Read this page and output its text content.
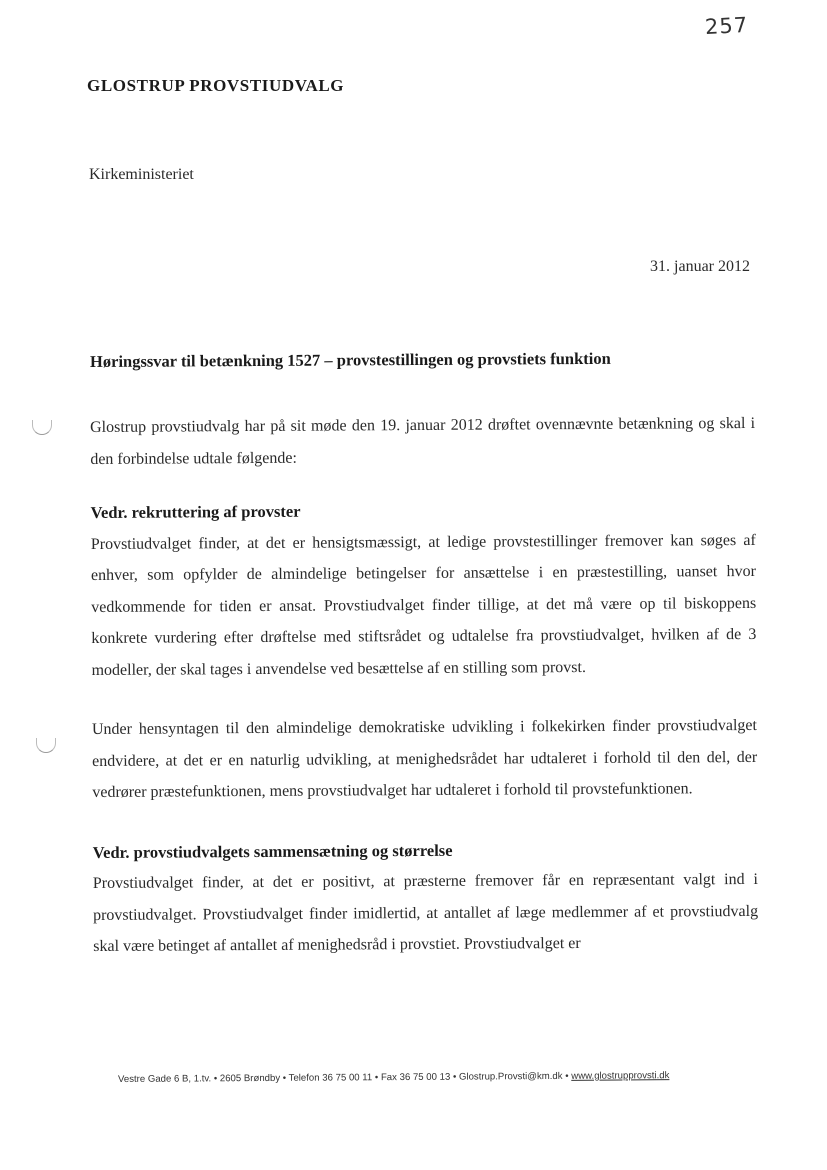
257
GLOSTRUP PROVSTIUDVALG
Kirkeministeriet
31. januar 2012
Høringssvar til betænkning 1527 – provstestillingen og provstiets funktion

Glostrup provstiudvalg har på sit møde den 19. januar 2012 drøftet ovennævnte betænkning og skal i den forbindelse udtale følgende:

Vedr. rekruttering af provster

Provstiudvalget finder, at det er hensigtsmæssigt, at ledige provstestillinger fremover kan søges af enhver, som opfylder de almindelige betingelser for ansættelse i en præstestilling, uanset hvor vedkommende for tiden er ansat. Provstiudvalget finder tillige, at det må være op til biskoppens konkrete vurdering efter drøftelse med stiftsrådet og udtalelse fra provstiudvalget, hvilken af de 3 modeller, der skal tages i anvendelse ved besættelse af en stilling som provst.

Under hensyntagen til den almindelige demokratiske udvikling i folkekirken finder provstiudvalget endvidere, at det er en naturlig udvikling, at menighedsrådet har udtaleret i forhold til den del, der vedrører præstefunktionen, mens provstiudvalget har udtaleret i forhold til provstefunktionen.

Vedr. provstiudvalgets sammensætning og størrelse

Provstiudvalget finder, at det er positivt, at præsterne fremover får en repræsentant valgt ind i provstiudvalget. Provstiudvalget finder imidlertid, at antallet af læge medlemmer af et provstiudvalg skal være betinget af antallet af menighedsråd i provstiet. Provstiudvalget er

Vestre Gade 6 B, 1.tv. • 2605 Brøndby • Telefon 36 75 00 11 • Fax 36 75 00 13 • Glostrup.Provsti@km.dk • www.glostrupprovsti.dk
